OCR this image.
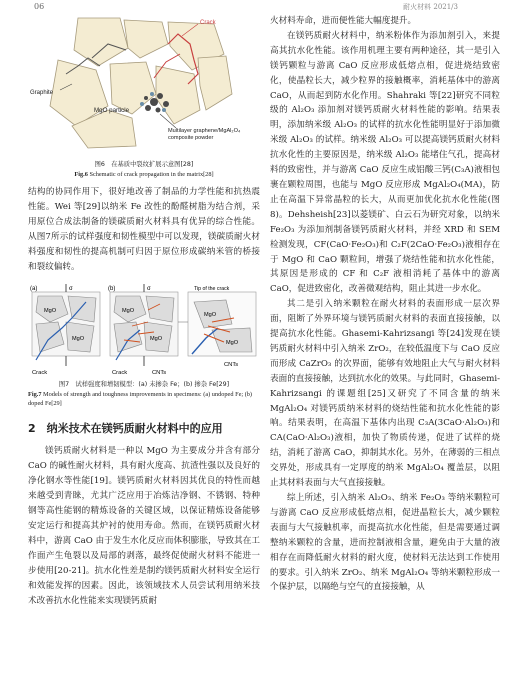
06	耐火材料 2021/3
Crack
Graphite
MgO particle
Multilayer graphene/MgAl₂O₄ composite powder
图6　在基质中裂纹扩展示意图[28]
Fig.6 Schematic of crack propagation in the matrix[28]

结构的协同作用下，很好地改善了制品的力学性能和抗热震性能。Wei 等[29]以纳米 Fe 改性的酚醛树脂为结合剂，采用原位合成法制备的镁碳质耐火材料具有优异的综合性能。从图7所示的试样强度和韧性模型中可以发现，镁碳质耐火材料强度和韧性的提高机制可归因于原位形成碳纳米管的桥接和裂纹偏转。

(a)	(b)
σ	σ
MgO
MgO
MgO
MgO
MgO
MgO
Tip of the crack
Crack	Crack	CNTs
CNTs
图7　试样强度和增韧模型：(a) 未掺杂 Fe；(b) 掺杂 Fe[29]
Fig.7 Models of strength and toughness improvements in specimens: (a) undoped Fe; (b) doped Fe[29]
2　纳米技术在镁钙质耐火材料中的应用

镁钙质耐火材料是一种以 MgO 为主要成分并含有部分 CaO 的碱性耐火材料，具有耐火度高、抗渣性强以及良好的净化钢水等性能[19]。镁钙质耐火材料因其优良的特性而越来越受到青睐，尤其广泛应用于冶炼洁净钢、不锈钢、特种钢等高性能钢的精炼设备的关键区域，以保证精炼设备能够安定运行和提高其炉衬的使用寿命。然而，在镁钙质耐火材料中，游离 CaO 由于发生水化反应而体积膨胀，导致其在工作面产生龟裂以及局部的剥落，最终促使耐火材料不能进一步使用[20-21]。抗水化性差是制约镁钙质耐火材料安全运行和效能发挥的因素。因此，该领域技术人员尝试利用纳米技术改善抗水化性能来实现镁钙质耐

火材料寿命，进而便性能大幅度提升。

在镁钙质耐火材料中，纳米粉体作为添加剂引入，来提高其抗水化性能。该作用机理主要有两种途径，其一是引入镁钙颗粒与游离 CaO 反应形成低熔点相，促进烧结致密化，使晶粒长大，减少粒界的接触概率，消耗基体中的游离 CaO，从而起到防水化作用。Shahraki 等[22]研究不同粒级的 Al₂O₃ 添加剂对镁钙质耐火材料性能的影响。结果表明，添加纳米级 Al₂O₃ 的试样的抗水化性能明显好于添加微米级 Al₂O₃ 的试样。纳米级 Al₂O₃ 可以提高镁钙质耐火材料抗水化性的主要原因是，纳米级 Al₂O₃ 能堵住气孔，提高材料的致密性，并与游离 CaO 反应生成铝酸三钙(C₃A)液相包裹在颗粒周围，也能与 MgO 反应形成 MgAl₂O₄(MA)，防止在高温下异常晶粒的长大，从而更加优化抗水化性能(图8)。Dehsheish[23]以菱镁矿、白云石为研究对象，以纳米 Fe₂O₃ 为添加剂制备镁钙质耐火材料，并经 XRD 和 SEM 检测发现，CF(CaO·Fe₂O₃)和 C₂F(2CaO·Fe₂O₃)液相存在于 MgO 和 CaO 颗粒间，增强了烧结性能和抗水化性能，其原因是形成的 CF 和 C₂F 液相消耗了基体中的游离 CaO，促进致密化，改善微观结构，阻止其进一步水化。

其二是引入纳米颗粒在耐火材料的表面形成一层次界面，阻断了外界环境与镁钙质耐火材料的表面直接接触，以提高抗水化性能。Ghasemi-Kahrizsangi 等[24]发现在镁钙质耐火材料中引入纳米 ZrO₂，在较低温度下与 CaO 反应而形成 CaZrO₃ 的次界面，能够有效地阻止大气与耐火材料表面的直接接触，达到抗水化的效果。与此同时，Ghasemi-Kahrizsangi 的课题组[25]又研究了不同含量的纳米 MgAl₂O₄ 对镁钙质纳米材料的烧结性能和抗水化性能的影响。结果表明，在高温下基体内出现 C₃A(3CaO·Al₂O₃)和 CA(CaO·Al₂O₃)液相，加快了物质传递，促进了试样的烧结，消耗了游离 CaO，抑制其水化。另外，在薄弱的三相点交界处，形成具有一定厚度的纳米 MgAl₂O₄ 覆盖层，以阻止其材料表面与大气直接接触。

综上所述，引入纳米 Al₂O₃、纳米 Fe₂O₃ 等纳米颗粒可与游离 CaO 反应形成低熔点相，促进晶粒长大，减少颗粒表面与大气接触机率，而提高抗水化性能，但是需要通过调整纳米颗粒的含量，进而控制液相含量，避免由于大量的液相存在而降低耐火材料的耐火度，使材料无法达到工作使用的要求。引入纳米 ZrO₂、纳米 MgAl₂O₄ 等纳米颗粒形成一个保护层，以隔绝与空气的直接接触，从
